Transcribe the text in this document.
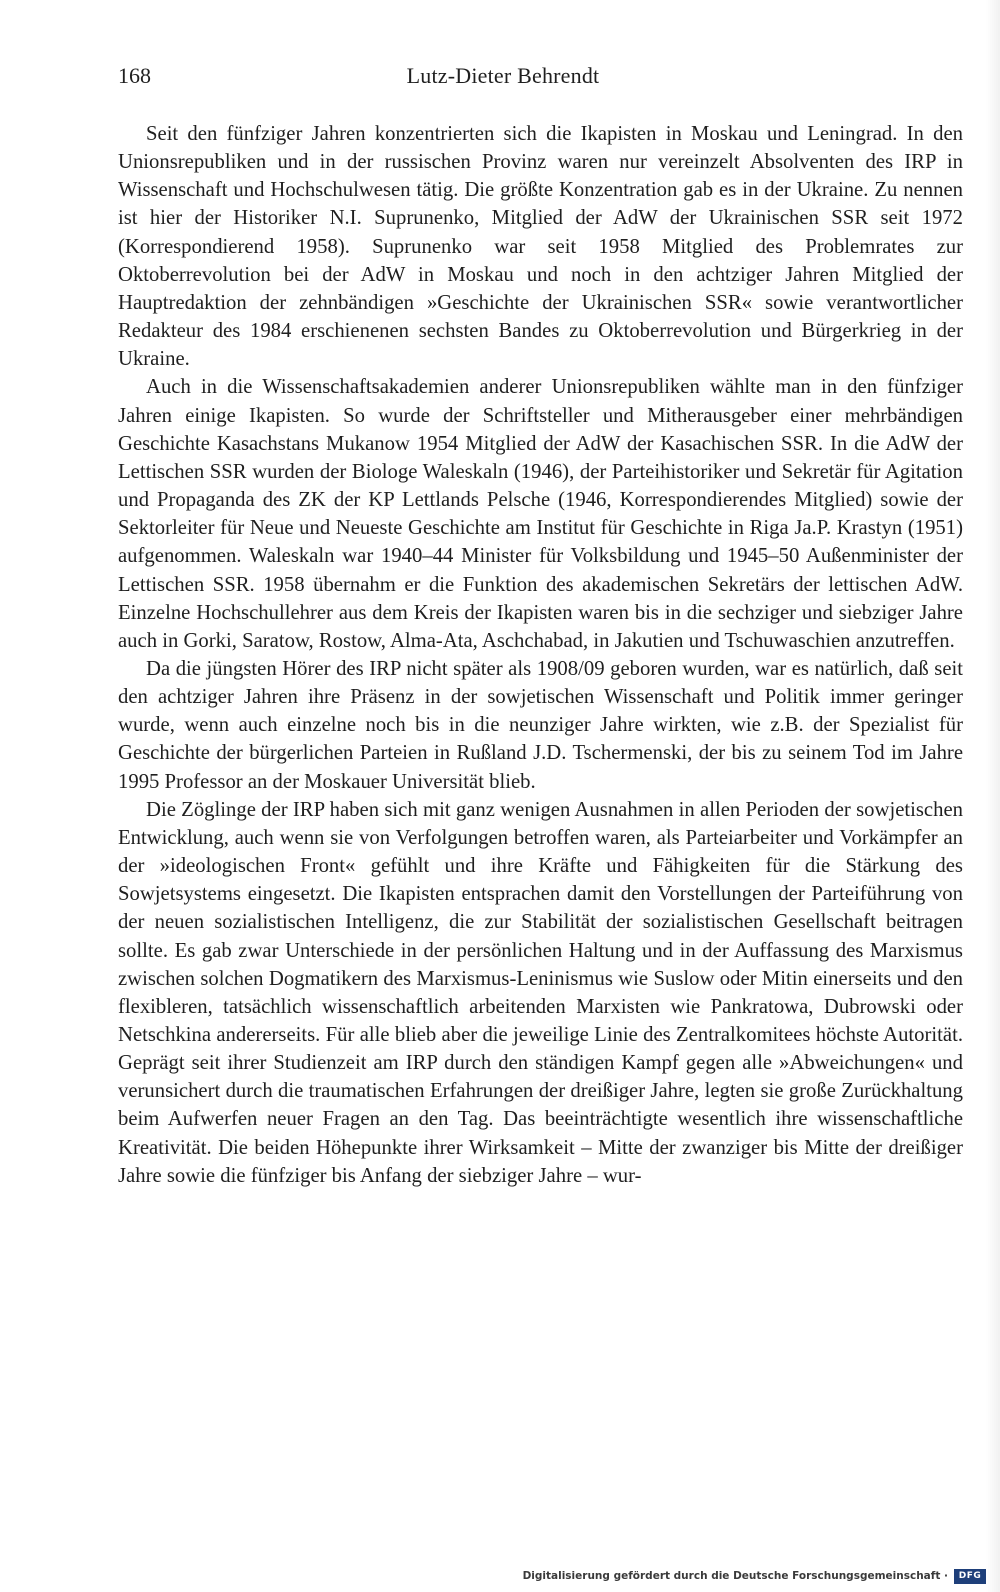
168	Lutz-Dieter Behrendt

Seit den fünfziger Jahren konzentrierten sich die Ikapisten in Moskau und Leningrad. In den Unionsrepubliken und in der russischen Provinz waren nur vereinzelt Absolventen des IRP in Wissenschaft und Hochschulwesen tätig. Die größte Konzentration gab es in der Ukraine. Zu nennen ist hier der Historiker N.I. Suprunenko, Mitglied der AdW der Ukrainischen SSR seit 1972 (Korrespondierend 1958). Suprunenko war seit 1958 Mitglied des Problemrates zur Oktoberrevolution bei der AdW in Moskau und noch in den achtziger Jahren Mitglied der Hauptredaktion der zehnbändigen »Geschichte der Ukrainischen SSR« sowie verantwortlicher Redakteur des 1984 erschienenen sechsten Bandes zu Oktoberrevolution und Bürgerkrieg in der Ukraine.

Auch in die Wissenschaftsakademien anderer Unionsrepubliken wählte man in den fünfziger Jahren einige Ikapisten. So wurde der Schriftsteller und Mitherausgeber einer mehrbändigen Geschichte Kasachstans Mukanow 1954 Mitglied der AdW der Kasachischen SSR. In die AdW der Lettischen SSR wurden der Biologe Waleskaln (1946), der Parteihistoriker und Sekretär für Agitation und Propaganda des ZK der KP Lettlands Pelsche (1946, Korrespondierendes Mitglied) sowie der Sektorleiter für Neue und Neueste Geschichte am Institut für Geschichte in Riga Ja.P. Krastyn (1951) aufgenommen. Waleskaln war 1940–44 Minister für Volksbildung und 1945–50 Außenminister der Lettischen SSR. 1958 übernahm er die Funktion des akademischen Sekretärs der lettischen AdW. Einzelne Hochschullehrer aus dem Kreis der Ikapisten waren bis in die sechziger und siebziger Jahre auch in Gorki, Saratow, Rostow, Alma-Ata, Aschchabad, in Jakutien und Tschuwaschien anzutreffen.

Da die jüngsten Hörer des IRP nicht später als 1908/09 geboren wurden, war es natürlich, daß seit den achtziger Jahren ihre Präsenz in der sowjetischen Wissenschaft und Politik immer geringer wurde, wenn auch einzelne noch bis in die neunziger Jahre wirkten, wie z.B. der Spezialist für Geschichte der bürgerlichen Parteien in Rußland J.D. Tschermenski, der bis zu seinem Tod im Jahre 1995 Professor an der Moskauer Universität blieb.

Die Zöglinge der IRP haben sich mit ganz wenigen Ausnahmen in allen Perioden der sowjetischen Entwicklung, auch wenn sie von Verfolgungen betroffen waren, als Parteiarbeiter und Vorkämpfer an der »ideologischen Front« gefühlt und ihre Kräfte und Fähigkeiten für die Stärkung des Sowjetsystems eingesetzt. Die Ikapisten entsprachen damit den Vorstellungen der Parteiführung von der neuen sozialistischen Intelligenz, die zur Stabilität der sozialistischen Gesellschaft beitragen sollte. Es gab zwar Unterschiede in der persönlichen Haltung und in der Auffassung des Marxismus zwischen solchen Dogmatikern des Marxismus-Leninismus wie Suslow oder Mitin einerseits und den flexibleren, tatsächlich wissenschaftlich arbeitenden Marxisten wie Pankratowa, Dubrowski oder Netschkina andererseits. Für alle blieb aber die jeweilige Linie des Zentralkomitees höchste Autorität. Geprägt seit ihrer Studienzeit am IRP durch den ständigen Kampf gegen alle »Abweichungen« und verunsichert durch die traumatischen Erfahrungen der dreißiger Jahre, legten sie große Zurückhaltung beim Aufwerfen neuer Fragen an den Tag. Das beeinträchtigte wesentlich ihre wissenschaftliche Kreativität. Die beiden Höhepunkte ihrer Wirksamkeit – Mitte der zwanziger bis Mitte der dreißiger Jahre sowie die fünfziger bis Anfang der siebziger Jahre – wur-

Digitalisierung gefördert durch die Deutsche Forschungsgemeinschaft ·	DFG
